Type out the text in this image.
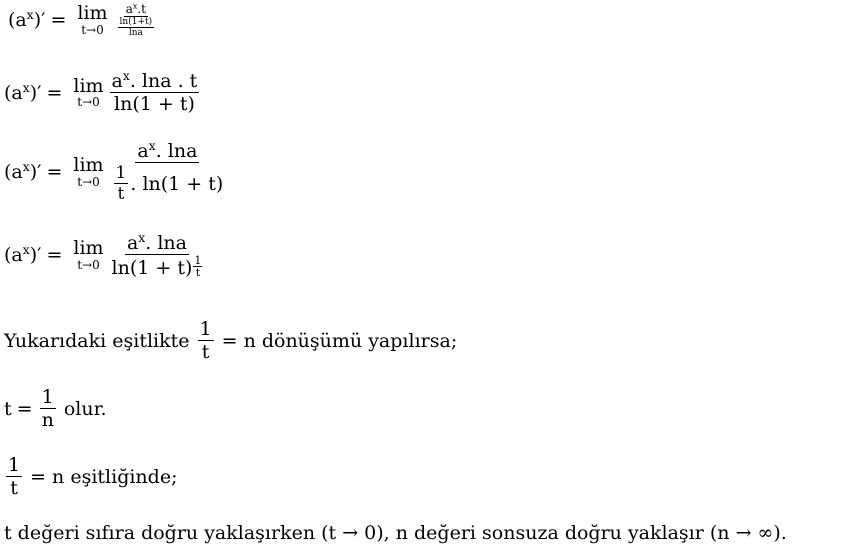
$(a^x)' = \lim$
$t\to 0 \frac{a^x.t}{\frac{\ln(1+t)}{\ln a}}$
$(a^x)' = \lim$
$t\to 0 \frac{a^x. \ln a . t}{\ln(1 + t)}$
$(a^x)' = \lim$
$t\to 0 \frac{a^x. \ln a}{\frac{1}{t} . \ln(1 + t)}$
$(a^x)' = \lim$
$t\to 0 \frac{a^x. \ln a}{\ln(1 + t) \frac{1}{t}}$
Yukarıdaki eşitlikte $\frac{1}{t} = n$ dönüşümü yapılırsa;
$t = \frac{1}{n}$ olur.
$\frac{1}{t} = n$ eşitliğinde;
t değeri sıfıra doğru yaklaşırken (t → 0), n değeri sonsuza doğru yaklaşır (n → ∞).
